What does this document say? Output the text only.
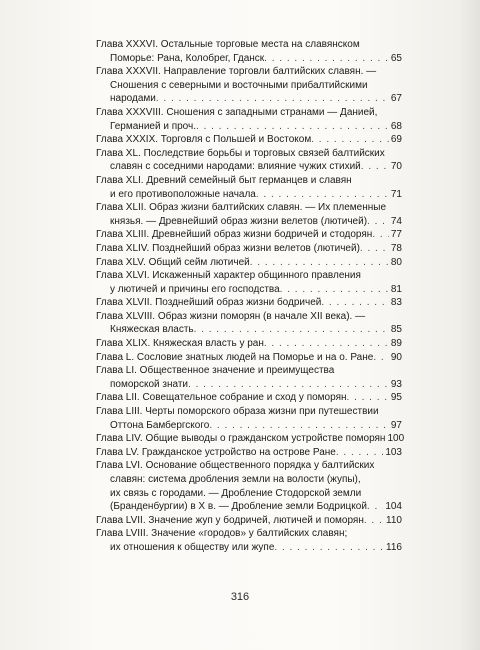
Глава XXXVI. Остальные торговые места на славянском
Поморье: Рана, Колобрег, Гданск . . .	65
Глава XXXVII. Направление торговли балтийских славян. —
Сношения с северными и восточными прибалтийскими
народами . . .	67
Глава XXXVIII. Сношения с западными странами — Данией,
Германией и проч. . . .	68
Глава XXXIX. Торговля с Польшей и Востоком . . .	69
Глава XL. Последствие борьбы и торговых связей балтийских
славян с соседними народами: влияние чужих стихий . . .	70
Глава XLI. Древний семейный быт германцев и славян
и его противоположные начала . . .	71
Глава XLII. Образ жизни балтийских славян. — Их племенные
князья. — Древнейший образ жизни велетов (лютичей) . . . 74
Глава XLIII. Древнейший образ жизни бодричей и стодорян . . . 77
Глава XLIV. Позднейший образ жизни велетов (лютичей) . . .	78
Глава XLV. Общий сейм лютичей . . .	80
Глава XLVI. Искаженный характер общинного правления
у лютичей и причины его господства . . .	81
Глава XLVII. Позднейший образ жизни бодричей . . .	83
Глава XLVIII. Образ жизни поморян (в начале XII века). —
Княжеская власть . . .	85
Глава XLIX. Княжеская власть у ран . . .	89
Глава L. Сословие знатных людей на Поморье и на о. Ране . . . 90
Глава LI. Общественное значение и преимущества
поморской знати . . .	93
Глава LII. Совещательное собрание и сход у поморян . . .	95
Глава LIII. Черты поморского образа жизни при путешествии
Оттона Бамбергского . . .	97
Глава LIV. Общие выводы о гражданском устройстве поморян 100
Глава LV. Гражданское устройство на острове Ране . . .	103
Глава LVI. Основание общественного порядка у балтийских
славян: система дробления земли на волости (жупы),
их связь с городами. — Дробление Стодорской земли
(Бранденбургии) в X в. — Дробление земли Бодрицкой . . . 104
Глава LVII. Значение жуп у бодричей, лютичей и поморян . . . 110
Глава LVIII. Значение «городов» у балтийских славян;
их отношения к обществу или жупе . . .	116
316
